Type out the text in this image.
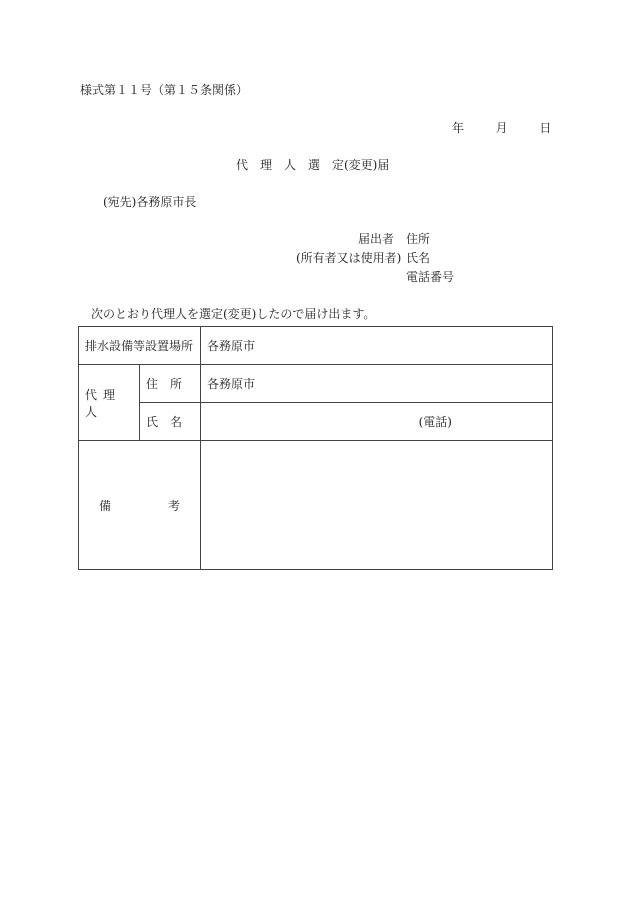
様式第１１号（第１５条関係）
年	月	日
代　理　人　選　定(変更)届
(宛先)各務原市長
届出者 住所
(所有者又は使用者) 氏名
電話番号
次のとおり代理人を選定(変更)したので届け出ます。
排水設備等設置場所		各務原市
代理人	住所	各務原市
	氏名	(電話)

備 考		
